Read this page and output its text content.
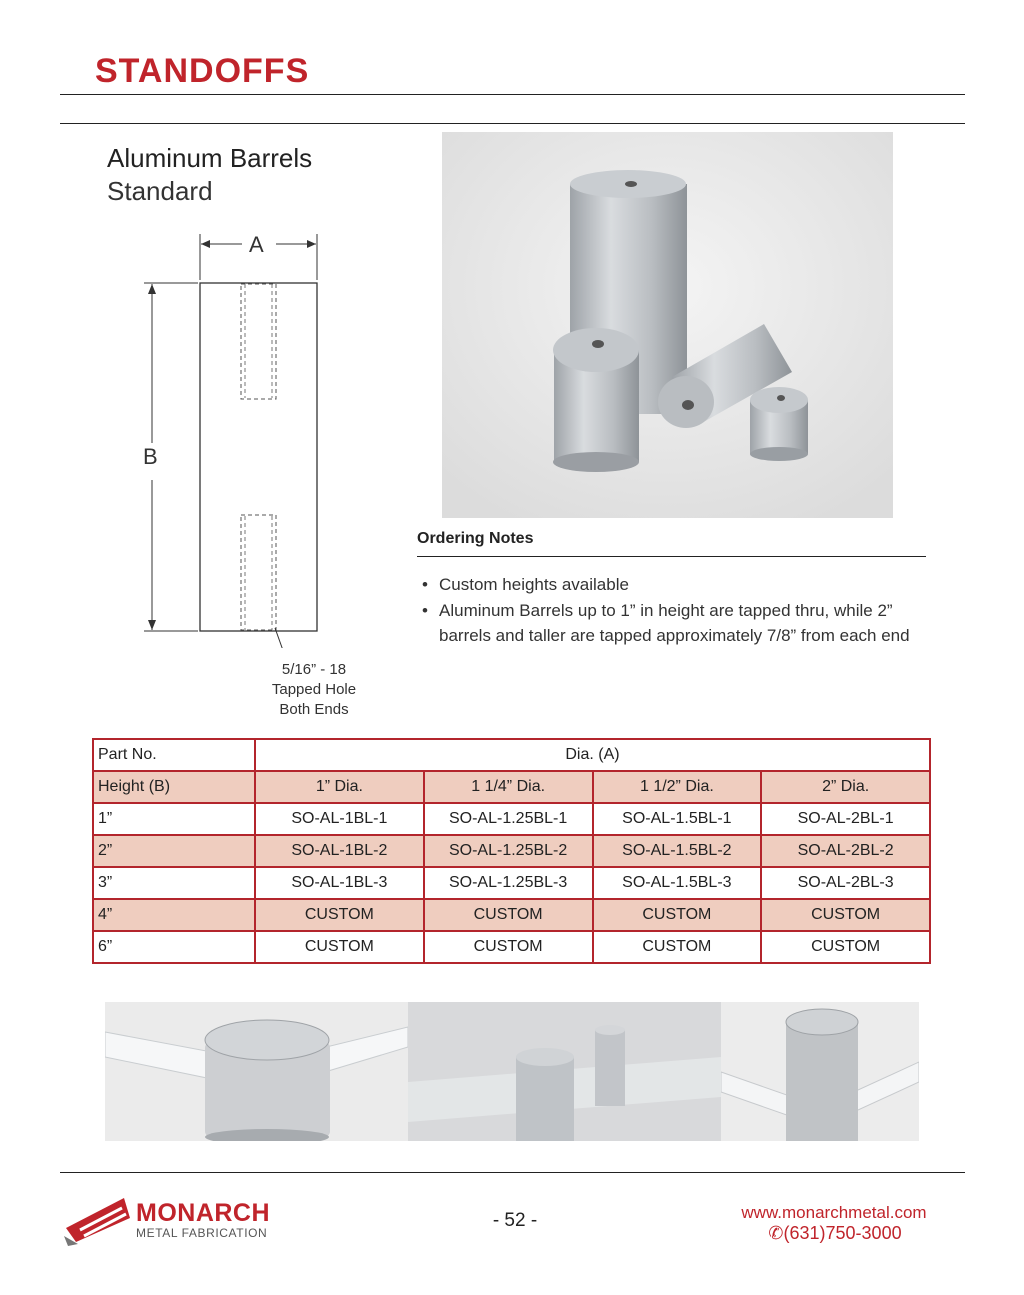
STANDOFFS
Aluminum Barrels
Standard
A
B
5/16” - 18
Tapped Hole
Both Ends
Ordering Notes
• Custom heights available
• Aluminum Barrels up to 1” in height are tapped thru, while 2” barrels and taller are tapped approximately 7/8” from each end
Part No.	Dia. (A)			
Height (B)	1” Dia.	1 1/4” Dia.	1 1/2” Dia.	2” Dia.
1”	SO-AL-1BL-1	SO-AL-1.25BL-1	SO-AL-1.5BL-1	SO-AL-2BL-1
2”	SO-AL-1BL-2	SO-AL-1.25BL-2	SO-AL-1.5BL-2	SO-AL-2BL-2
3”	SO-AL-1BL-3	SO-AL-1.25BL-3	SO-AL-1.5BL-3	SO-AL-2BL-3
4”	CUSTOM	CUSTOM	CUSTOM	CUSTOM
6”	CUSTOM	CUSTOM	CUSTOM	CUSTOM
MONARCH
METAL FABRICATION
- 52 -	www.monarchmetal.com
✆(631)750-3000
